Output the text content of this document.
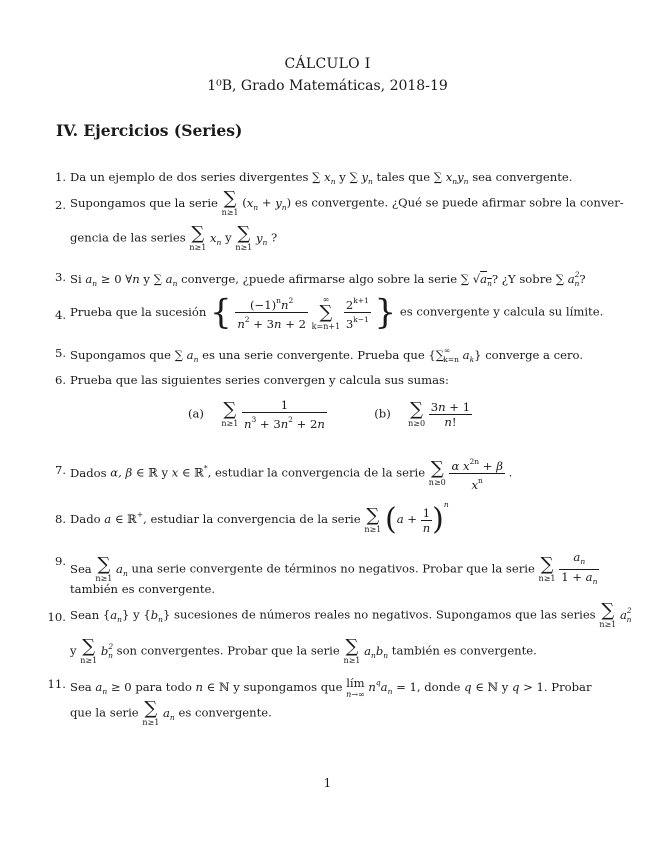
CÁLCULO I
1⁰B, Grado Matemáticas, 2018-19
IV. Ejercicios (Series)
1. Da un ejemplo de dos series divergentes ∑ $x_n$ y ∑ $y_n$ tales que ∑ $x_ny_n$ sea convergente.
2. Supongamos que la serie ∑
n≥1
$(x_n + y_n)$ es convergente. ¿Qué se puede afirmar sobre la conver-
gencia de las series ∑
n≥1
$x_n$ y ∑
n≥1
$y_n$ ?
3. Si $a_n \ge 0$ ∀n y ∑ $a_n$ converge, ¿puede afirmarse algo sobre la serie ∑ $√a_n$? ¿Y sobre ∑ $a^2_n$?
4. Prueba que la sucesión { $\frac{(-1)^nn^2}{n^2 + 3n + 2}$
	∞
∑
k=n+1
$\frac{2^{k+1}}{3^{k-1}}$ } es convergente y calcula su límite.
5. Supongamos que ∑ $a_n$ es una serie convergente. Prueba que {$\sum^\infty_{k=n}$ $a_k$} converge a cero.
6. Prueba que las siguientes series convergen y calcula sus sumas:
(a) ∑
n≥1
$\frac{1}{n^3 + 3n^2 + 2n}$	(b) ∑
n≥0
$\frac{3n + 1}{n!}$
7. Dados α, β ∈ ℝ y x ∈ ℝ*, estudiar la convergencia de la serie ∑
n≥0
$\frac{\alpha x^{2n} + \beta}{x^n}$ .
8. Dado a ∈ ℝ+, estudiar la convergencia de la serie ∑
n≥1 $(a + \frac{1}{n} )^n$
9.
Sea ∑
n≥1
$a_n$ una serie convergente de términos no negativos. Probar que la serie ∑
n≥1
$\frac{a_n}{1 + a_n}$
también es convergente.
10. Sean $\{a_n\}$ y $\{b_n\}$ sucesiones de números reales no negativos. Supongamos que las series ∑
n≥1
$a^2_n$
y ∑
n≥1
$b^2_n$ son convergentes. Probar que la serie ∑
n≥1
$a_nb_n$ también es convergente.
11. Sea $a_n \ge 0$ para todo n ∈ ℕ y supongamos que lím
n→∞
$n^qa_n = 1$, donde q ∈ ℕ y q > 1. Probar
que la serie ∑
n≥1
$a_n$ es convergente.
1
